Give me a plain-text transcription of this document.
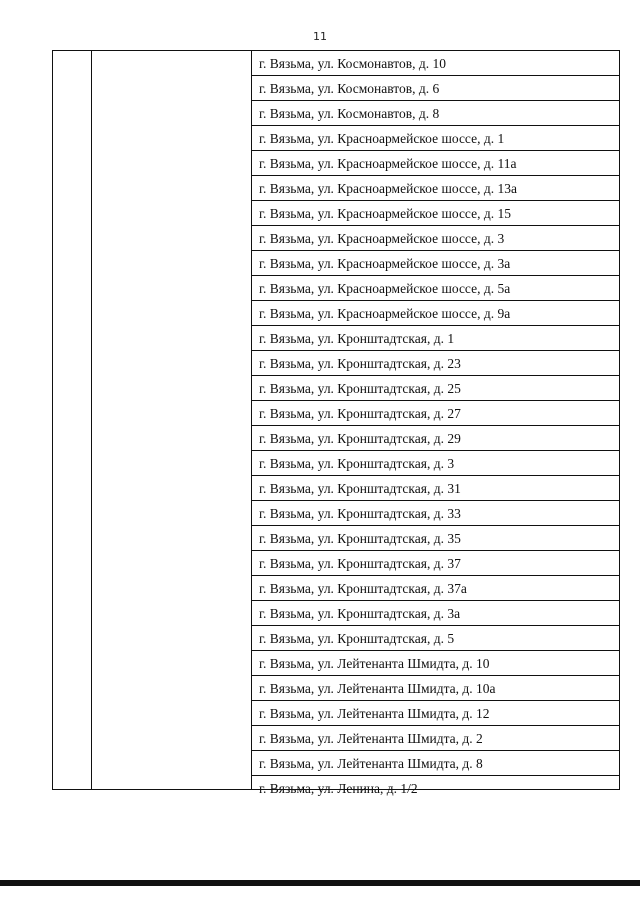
11
г. Вязьма, ул. Космонавтов, д. 10
г. Вязьма, ул. Космонавтов, д. 6
г. Вязьма, ул. Космонавтов, д. 8
г. Вязьма, ул. Красноармейское шоссе, д. 1
г. Вязьма, ул. Красноармейское шоссе, д. 11а
г. Вязьма, ул. Красноармейское шоссе, д. 13а
г. Вязьма, ул. Красноармейское шоссе, д. 15
г. Вязьма, ул. Красноармейское шоссе, д. 3
г. Вязьма, ул. Красноармейское шоссе, д. 3а
г. Вязьма, ул. Красноармейское шоссе, д. 5а
г. Вязьма, ул. Красноармейское шоссе, д. 9а
г. Вязьма, ул. Кронштадтская, д. 1
г. Вязьма, ул. Кронштадтская, д. 23
г. Вязьма, ул. Кронштадтская, д. 25
г. Вязьма, ул. Кронштадтская, д. 27
г. Вязьма, ул. Кронштадтская, д. 29
г. Вязьма, ул. Кронштадтская, д. 3
г. Вязьма, ул. Кронштадтская, д. 31
г. Вязьма, ул. Кронштадтская, д. 33
г. Вязьма, ул. Кронштадтская, д. 35
г. Вязьма, ул. Кронштадтская, д. 37
г. Вязьма, ул. Кронштадтская, д. 37а
г. Вязьма, ул. Кронштадтская, д. 3а
г. Вязьма, ул. Кронштадтская, д. 5
г. Вязьма, ул. Лейтенанта Шмидта, д. 10
г. Вязьма, ул. Лейтенанта Шмидта, д. 10а
г. Вязьма, ул. Лейтенанта Шмидта, д. 12
г. Вязьма, ул. Лейтенанта Шмидта, д. 2
г. Вязьма, ул. Лейтенанта Шмидта, д. 8
г. Вязьма, ул. Ленина, д. 1/2
